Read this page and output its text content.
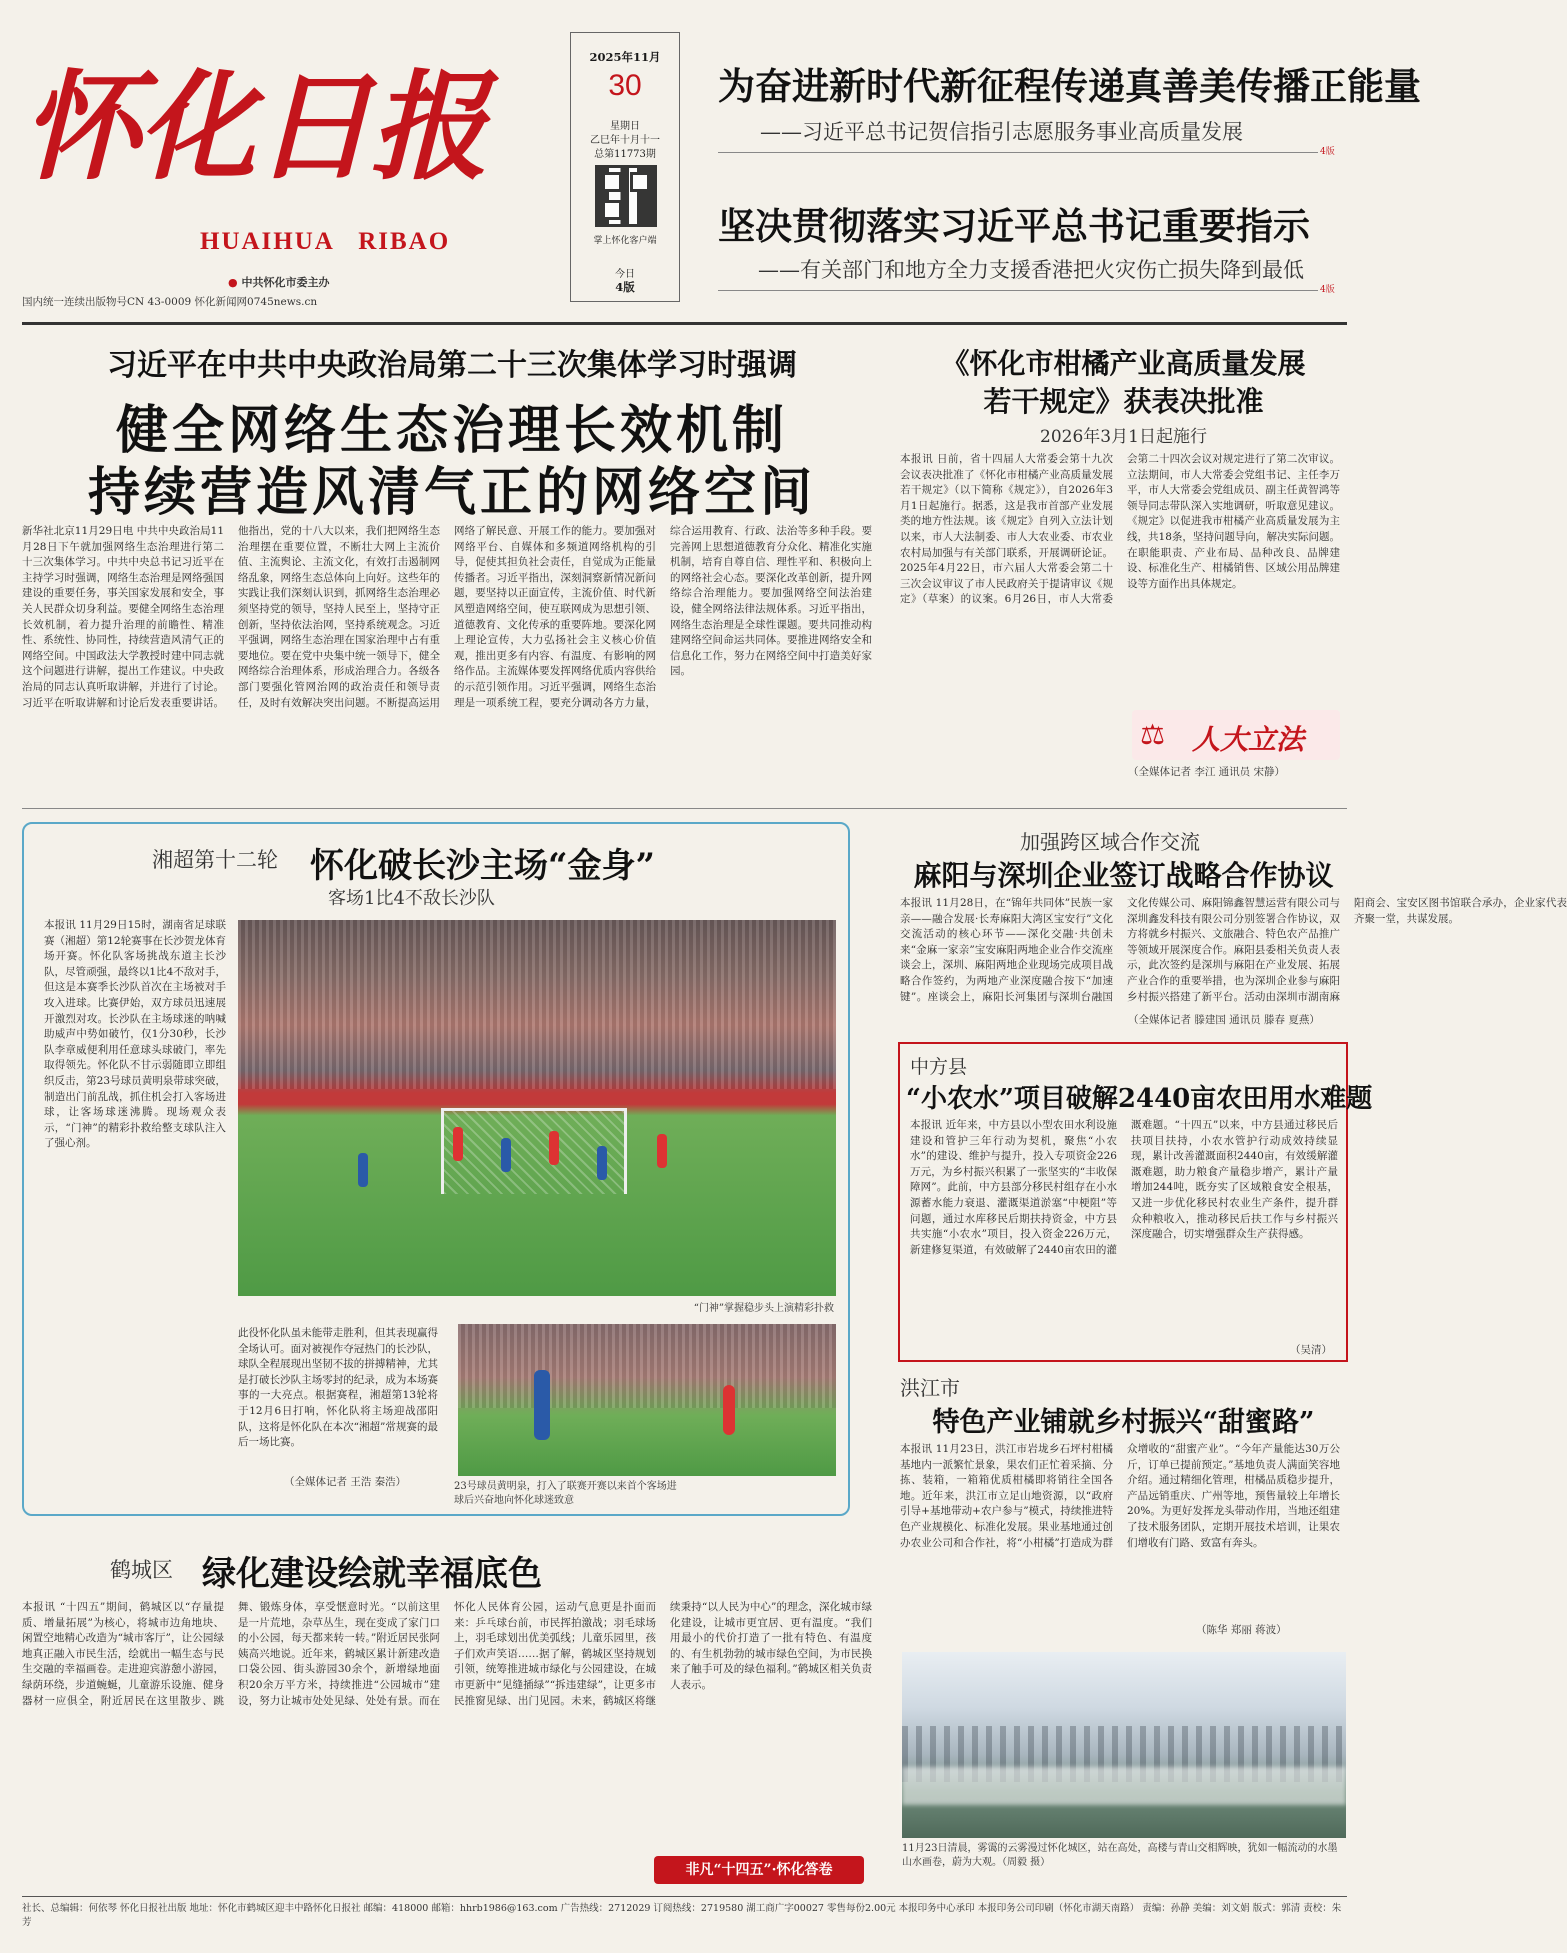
怀化日报
HUAIHUA   RIBAO
● 中共怀化市委主办
国内统一连续出版物号CN 43-0009 怀化新闻网0745news.cn
2025年11月
30
星期日
乙巳年十月十一
总第11773期
掌上怀化客户端
今日
4版
为奋进新时代新征程传递真善美传播正能量
——习近平总书记贺信指引志愿服务事业高质量发展
4版
坚决贯彻落实习近平总书记重要指示
——有关部门和地方全力支援香港把火灾伤亡损失降到最低
4版
习近平在中共中央政治局第二十三次集体学习时强调
健全网络生态治理长效机制
持续营造风清气正的网络空间
新华社北京11月29日电 中共中央政治局11月28日下午就加强网络生态治理进行第二十三次集体学习。中共中央总书记习近平在主持学习时强调，网络生态治理是网络强国建设的重要任务，事关国家发展和安全，事关人民群众切身利益。要健全网络生态治理长效机制，着力提升治理的前瞻性、精准性、系统性、协同性，持续营造风清气正的网络空间。中国政法大学教授时建中同志就这个问题进行讲解，提出工作建议。中央政治局的同志认真听取讲解，并进行了讨论。习近平在听取讲解和讨论后发表重要讲话。他指出，党的十八大以来，我们把网络生态治理摆在重要位置，不断壮大网上主流价值、主流舆论、主流文化，有效打击遏制网络乱象，网络生态总体向上向好。这些年的实践让我们深刻认识到，抓网络生态治理必须坚持党的领导，坚持人民至上，坚持守正创新，坚持依法治网，坚持系统观念。习近平强调，网络生态治理在国家治理中占有重要地位。要在党中央集中统一领导下，健全网络综合治理体系，形成治理合力。各级各部门要强化管网治网的政治责任和领导责任，及时有效解决突出问题。不断提高运用网络了解民意、开展工作的能力。要加强对网络平台、自媒体和多频道网络机构的引导，促使其担负社会责任，自觉成为正能量传播者。习近平指出，深刻洞察新情况新问题，要坚持以正面宣传，主流价值、时代新风塑造网络空间，使互联网成为思想引领、道德教育、文化传承的重要阵地。要深化网上理论宣传，大力弘扬社会主义核心价值观，推出更多有内容、有温度、有影响的网络作品。主流媒体要发挥网络优质内容供给的示范引领作用。习近平强调，网络生态治理是一项系统工程，要充分调动各方力量，综合运用教育、行政、法治等多种手段。要完善网上思想道德教育分众化、精准化实施机制，培育自尊自信、理性平和、积极向上的网络社会心态。要深化改革创新，提升网络综合治理能力。要加强网络空间法治建设，健全网络法律法规体系。习近平指出，网络生态治理是全球性课题。要共同推动构建网络空间命运共同体。要推进网络安全和信息化工作，努力在网络空间中打造美好家园。
《怀化市柑橘产业高质量发展
若干规定》获表决批准
2026年3月1日起施行
本报讯 日前，省十四届人大常委会第十九次会议表决批准了《怀化市柑橘产业高质量发展若干规定》（以下简称《规定》），自2026年3月1日起施行。据悉，这是我市首部产业发展类的地方性法规。该《规定》自列入立法计划以来，市人大法制委、市人大农业委、市农业农村局加强与有关部门联系，开展调研论证。2025年4月22日，市六届人大常委会第二十三次会议审议了市人民政府关于提请审议《规定》（草案）的议案。6月26日，市人大常委会第二十四次会议对规定进行了第二次审议。立法期间，市人大常委会党组书记、主任李万平，市人大常委会党组成员、副主任黄智鸿等领导同志带队深入实地调研，听取意见建议。《规定》以促进我市柑橘产业高质量发展为主线，共18条，坚持问题导向，解决实际问题。在职能职责、产业布局、品种改良、品牌建设、标准化生产、柑橘销售、区域公用品牌建设等方面作出具体规定。
（全媒体记者 李江 通讯员 宋静）
⚖ 人大立法
湘超第十二轮 怀化破长沙主场“金身”
客场1比4不敌长沙队
本报讯 11月29日15时，湖南省足球联赛（湘超）第12轮赛事在长沙贺龙体育场开赛。怀化队客场挑战东道主长沙队，尽管顽强，最终以1比4不敌对手，但这是本赛季长沙队首次在主场被对手攻入进球。比赛伊始，双方球员迅速展开激烈对攻。长沙队在主场球迷的呐喊助威声中势如破竹，仅1分30秒，长沙队李章威便利用任意球头球破门，率先取得领先。怀化队不甘示弱随即立即组织反击，第23号球员黄明泉带球突破，制造出门前乱战，抓住机会打入客场进球，让客场球迷沸腾。现场观众表示，“门神”的精彩扑救给整支球队注入了强心剂。
“门神”掌握稳步头上演精彩扑救
此役怀化队虽未能带走胜利，但其表现赢得全场认可。面对被视作夺冠热门的长沙队，球队全程展现出坚韧不拔的拼搏精神，尤其是打破长沙队主场零封的纪录，成为本场赛事的一大亮点。根据赛程，湘超第13轮将于12月6日打响，怀化队将主场迎战邵阳队，这将是怀化队在本次“湘超”常规赛的最后一场比赛。
（全媒体记者 王浩 秦浩）	23号球员黄明泉，打入了联赛开赛以来首个客场进球后兴奋地向怀化球迷致意
加强跨区域合作交流
麻阳与深圳企业签订战略合作协议
本报讯 11月28日，在“锦年共同体”民族一家亲——融合发展·长寿麻阳大湾区宝安行”文化交流活动的核心环节——深化交融·共创未来“金麻一家亲”宝安麻阳两地企业合作交流座谈会上，深圳、麻阳两地企业现场完成项目战略合作签约，为两地产业深度融合按下“加速键”。座谈会上，麻阳长河集团与深圳台融国文化传媒公司、麻阳锦鑫智慧运营有限公司与深圳鑫发科技有限公司分别签署合作协议，双方将就乡村振兴、文旅融合、特色农产品推广等领域开展深度合作。麻阳县委相关负责人表示，此次签约是深圳与麻阳在产业发展、拓展产业合作的重要举措，也为深圳企业参与麻阳乡村振兴搭建了新平台。活动由深圳市湖南麻阳商会、宝安区图书馆联合承办，企业家代表齐聚一堂，共谋发展。
（全媒体记者 滕建国 通讯员 滕春 夏燕）
中方县
“小农水”项目破解2440亩农田用水难题
本报讯 近年来，中方县以小型农田水利设施建设和管护三年行动为契机，聚焦“小农水”的建设、维护与提升，投入专项资金226万元，为乡村振兴积累了一张坚实的“丰收保障网”。此前，中方县部分移民村组存在小水源蓄水能力衰退、灌溉渠道淤塞“中梗阻”等问题，通过水库移民后期扶持资金，中方县共实施“小农水”项目，投入资金226万元，新建修复渠道，有效破解了2440亩农田的灌溉难题。“十四五”以来，中方县通过移民后扶项目扶持，小农水管护行动成效持续显现，累计改善灌溉面积2440亩，有效缓解灌溉难题，助力粮食产量稳步增产，累计产量增加244吨，既夯实了区域粮食安全根基，又进一步优化移民村农业生产条件，提升群众种粮收入，推动移民后扶工作与乡村振兴深度融合，切实增强群众生产获得感。
（吴清）
洪江市
特色产业铺就乡村振兴“甜蜜路”
本报讯 11月23日，洪江市岩垅乡石坪村柑橘基地内一派繁忙景象，果农们正忙着采摘、分拣、装箱，一箱箱优质柑橘即将销往全国各地。近年来，洪江市立足山地资源，以“政府引导+基地带动+农户参与”模式，持续推进特色产业规模化、标准化发展。果业基地通过创办农业公司和合作社，将“小柑橘”打造成为群众增收的“甜蜜产业”。“今年产量能达30万公斤，订单已提前预定。”基地负责人满面笑容地介绍。通过精细化管理，柑橘品质稳步提升，产品远销重庆、广州等地，预售量较上年增长20%。为更好发挥龙头带动作用，当地还组建了技术服务团队，定期开展技术培训，让果农们增收有门路、致富有奔头。
（陈华 郑丽 蒋波）
11月23日清晨，雾霭的云雾漫过怀化城区，站在高处，高楼与青山交相辉映，犹如一幅流动的水墨山水画卷，蔚为大观。（周毅 摄）
鹤城区 绿化建设绘就幸福底色
本报讯 “十四五”期间，鹤城区以“存量提质、增量拓展”为核心，将城市边角地块、闲置空地精心改造为“城市客厅”，让公园绿地真正融入市民生活，绘就出一幅生态与民生交融的幸福画卷。走进迎宾游憩小游园，绿荫环绕，步道蜿蜒，儿童游乐设施、健身器材一应俱全，附近居民在这里散步、跳舞、锻炼身体，享受惬意时光。“以前这里是一片荒地，杂草丛生，现在变成了家门口的小公园，每天都来转一转。”附近居民张阿姨高兴地说。近年来，鹤城区累计新建改造口袋公园、街头游园30余个，新增绿地面积20余万平方米，持续推进“公园城市”建设，努力让城市处处见绿、处处有景。而在怀化人民体育公园，运动气息更是扑面而来：乒乓球台前，市民挥拍激战；羽毛球场上，羽毛球划出优美弧线；儿童乐园里，孩子们欢声笑语……据了解，鹤城区坚持规划引领，统筹推进城市绿化与公园建设，在城市更新中“见缝插绿”“拆违建绿”，让更多市民推窗见绿、出门见园。未来，鹤城区将继续秉持“以人民为中心”的理念，深化城市绿化建设，让城市更宜居、更有温度。“我们用最小的代价打造了一批有特色、有温度的、有生机勃勃的城市绿色空间，为市民换来了触手可及的绿色福利。”鹤城区相关负责人表示。
非凡“十四五”·怀化答卷
社长、总编辑：何依琴 怀化日报社出版 地址：怀化市鹤城区迎丰中路怀化日报社 邮编：418000 邮箱：hhrb1986@163.com 广告热线：2712029 订阅热线：2719580 湖工商广字00027 零售每份2.00元 本报印务中心承印 本报印务公司印刷（怀化市湖天南路） 责编：孙静 美编：刘文娟 版式：郭清 责校：朱芳
